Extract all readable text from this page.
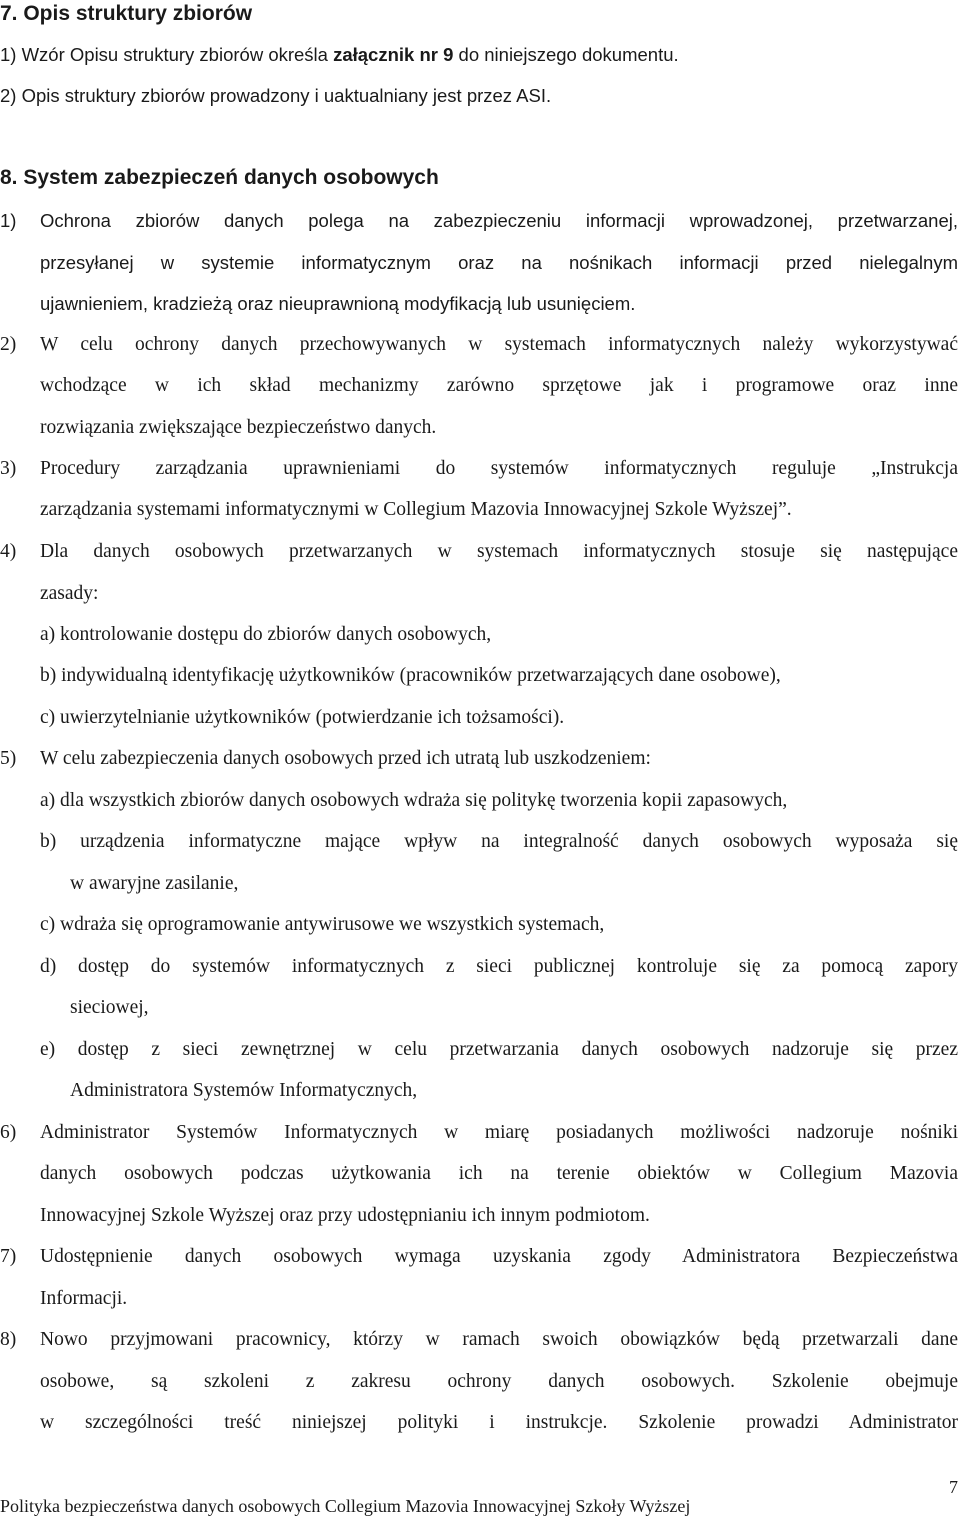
7. Opis struktury zbiorów
1) Wzór Opisu struktury zbiorów określa załącznik nr 9 do niniejszego dokumentu.
2) Opis struktury zbiorów prowadzony i uaktualniany jest przez ASI.
8. System zabezpieczeń danych osobowych
1) Ochrona zbiorów danych polega na zabezpieczeniu informacji wprowadzonej, przetwarzanej,
przesyłanej w systemie informatycznym oraz na nośnikach informacji przed nielegalnym
ujawnieniem, kradzieżą oraz nieuprawnioną modyfikacją lub usunięciem.
2) W celu ochrony danych przechowywanych w systemach informatycznych należy wykorzystywać
wchodzące w ich skład mechanizmy zarówno sprzętowe jak i programowe oraz inne
rozwiązania zwiększające bezpieczeństwo danych.
3) Procedury zarządzania uprawnieniami do systemów informatycznych reguluje „Instrukcja
zarządzania systemami informatycznymi w Collegium Mazovia Innowacyjnej Szkole Wyższej”.
4) Dla danych osobowych przetwarzanych w systemach informatycznych stosuje się następujące
zasady:
a) kontrolowanie dostępu do zbiorów danych osobowych,
b) indywidualną identyfikację użytkowników (pracowników przetwarzających dane osobowe),
c) uwierzytelnianie użytkowników (potwierdzanie ich tożsamości).
5) W celu zabezpieczenia danych osobowych przed ich utratą lub uszkodzeniem:
a) dla wszystkich zbiorów danych osobowych wdraża się politykę tworzenia kopii zapasowych,
b) urządzenia informatyczne mające wpływ na integralność danych osobowych wyposaża się
w awaryjne zasilanie,
c) wdraża się oprogramowanie antywirusowe we wszystkich systemach,
d) dostęp do systemów informatycznych z sieci publicznej kontroluje się za pomocą zapory
sieciowej,
e) dostęp z sieci zewnętrznej w celu przetwarzania danych osobowych nadzoruje się przez
Administratora Systemów Informatycznych,
6) Administrator Systemów Informatycznych w miarę posiadanych możliwości nadzoruje nośniki
danych osobowych podczas użytkowania ich na terenie obiektów w Collegium Mazovia
Innowacyjnej Szkole Wyższej oraz przy udostępnianiu ich innym podmiotom.
7) Udostępnienie danych osobowych wymaga uzyskania zgody Administratora Bezpieczeństwa
Informacji.
8) Nowo przyjmowani pracownicy, którzy w ramach swoich obowiązków będą przetwarzali dane
osobowe, są szkoleni z zakresu ochrony danych osobowych. Szkolenie obejmuje
w szczególności treść niniejszej polityki i instrukcje. Szkolenie prowadzi Administrator
7
Polityka bezpieczeństwa danych osobowych Collegium Mazovia Innowacyjnej Szkoły Wyższej
